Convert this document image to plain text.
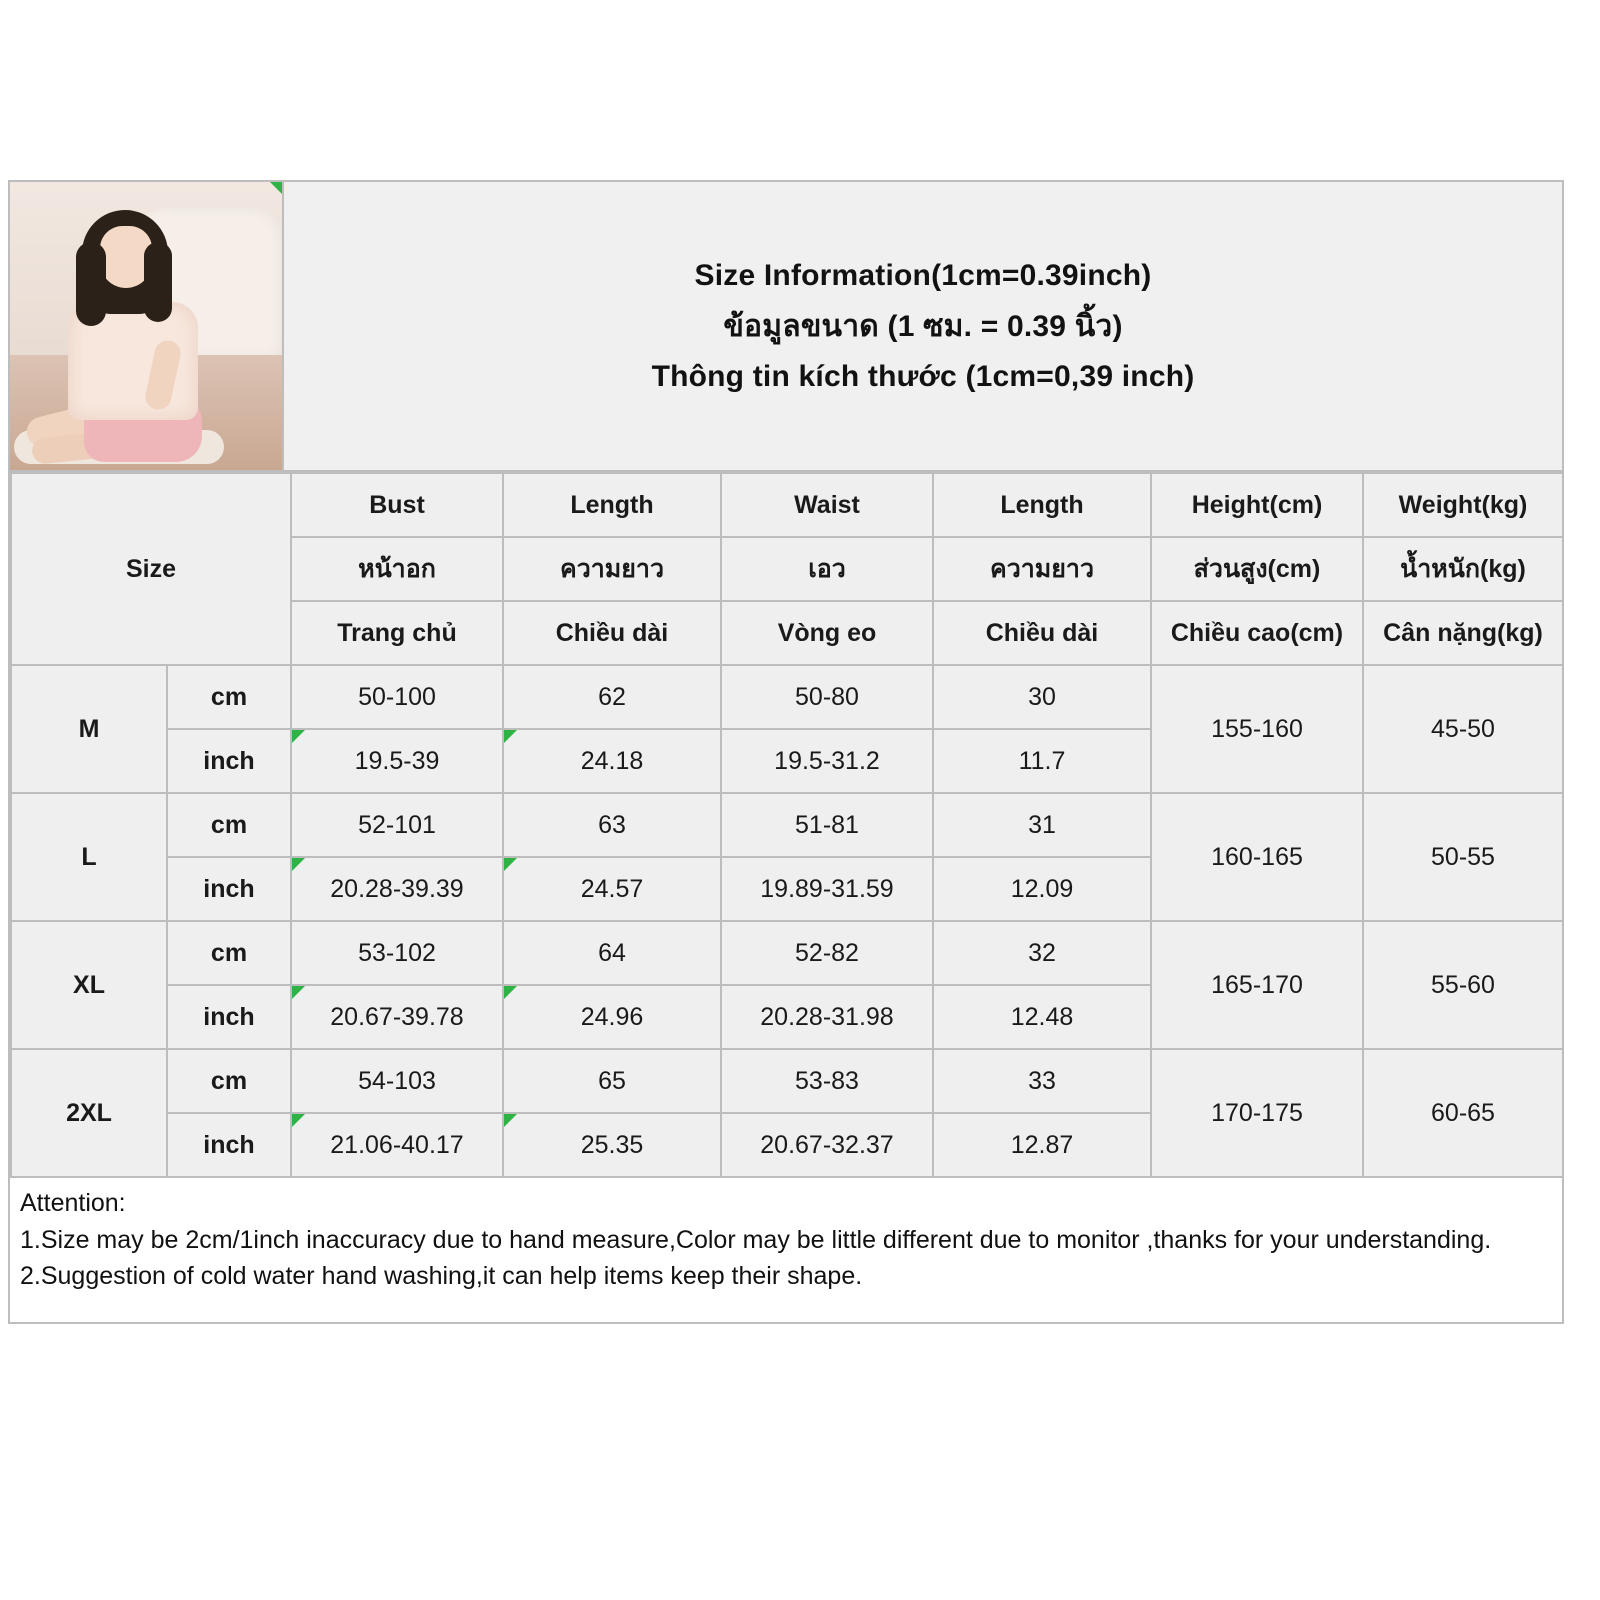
Size Information(1cm=0.39inch)
ข้อมูลขนาด (1 ซม. = 0.39 นิ้ว)
Thông tin kích thước (1cm=0,39 inch)
Size		Bust	Length	Waist	Length	Height(cm)	Weight(kg)
		หน้าอก	ความยาว	เอว	ความยาว	ส่วนสูง(cm)	น้ำหนัก(kg)
		Trang chủ	Chiều dài	Vòng eo	Chiều dài	Chiều cao(cm)	Cân nặng(kg)
M	cm	50-100	62	50-80	30	155-160	45-50
	inch	19.5-39	24.18	19.5-31.2	11.7		
L	cm	52-101	63	51-81	31	160-165	50-55
	inch	20.28-39.39	24.57	19.89-31.59	12.09		
XL	cm	53-102	64	52-82	32	165-170	55-60
	inch	20.67-39.78	24.96	20.28-31.98	12.48		
2XL	cm	54-103	65	53-83	33	170-175	60-65
	inch	21.06-40.17	25.35	20.67-32.37	12.87		

Attention:

1.Size may be 2cm/1inch inaccuracy due to hand measure,Color may be little different due to monitor ,thanks for your understanding.

2.Suggestion of cold water hand washing,it can help items keep their shape.
